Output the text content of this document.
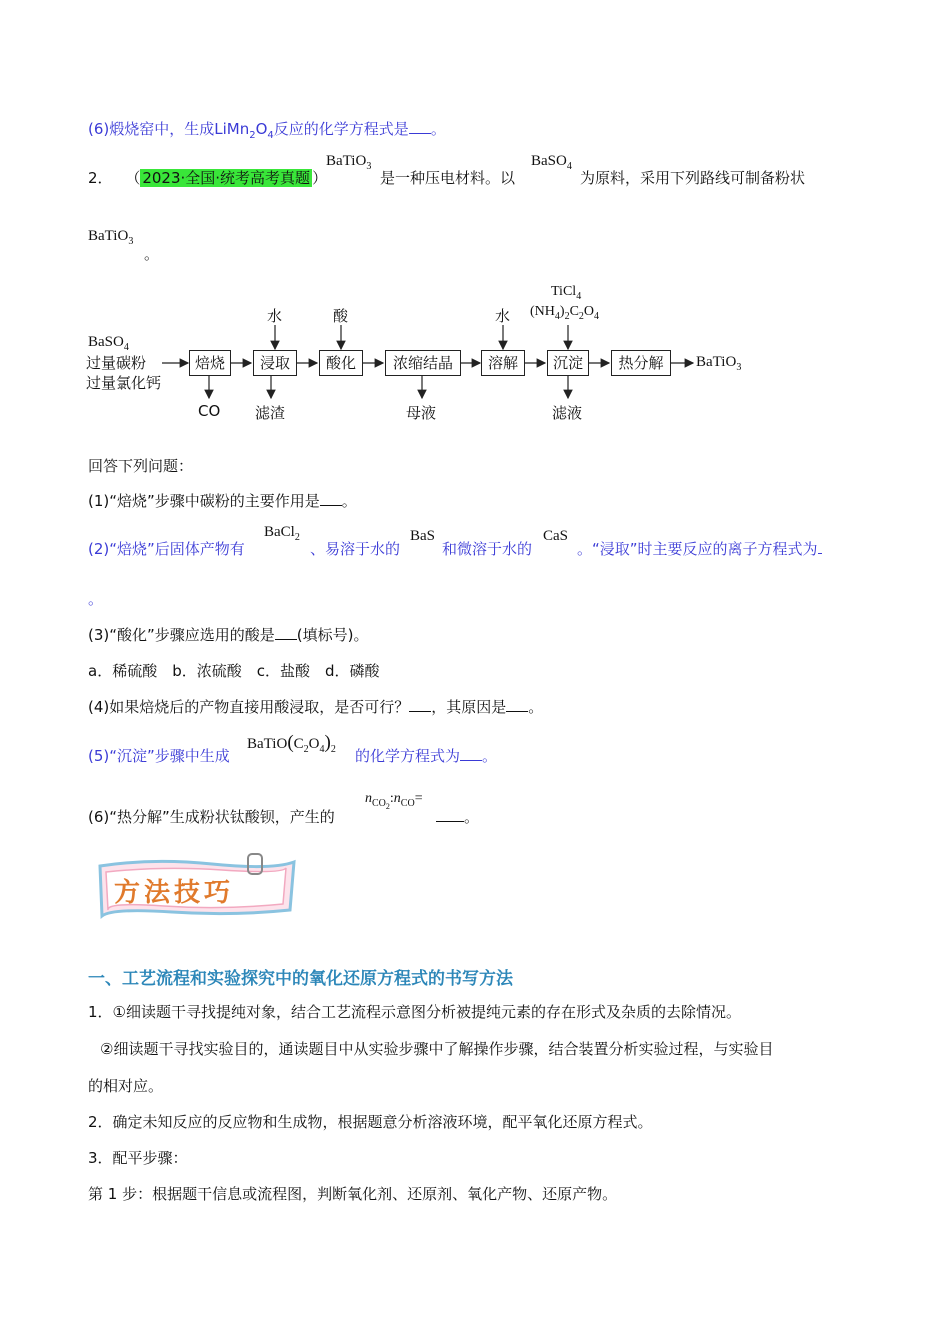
(6)煅烧窑中，生成$LiMn_2O_4$反应的化学方程式是 。
2． （ 2023·全国·统考高考真题 ）
BaTiO$_3$
是一种压电材料。以
BaSO$_4$
为原料，采用下列路线可制备粉状
BaTiO$_3$
。
BaSO$_4$
过量碳粉
过量氯化钙
焙烧	浸取	酸化	浓缩结晶	溶解	沉淀	热分解	BaTiO$_3$
水	酸	水
TiCl$_4$
$(NH_4)_2C_2O_4$
CO 滤渣	母液	滤液
回答下列问题：
(1)“焙烧”步骤中碳粉的主要作用是 。
(2)“焙烧”后固体产物有
BaCl$_2$
、易溶于水的
BaS
和微溶于水的
CaS
。“浸取”时主要反应的离子方程式为
。
(3)“酸化”步骤应选用的酸是 (填标号)。
a．稀硫酸　b．浓硫酸　c．盐酸　d．磷酸
(4)如果焙烧后的产物直接用酸浸取，是否可行？ ，其原因是 。
(5)“沉淀”步骤中生成
$BaTiO(C_2O_4)_2$ 的化学方程式为 。
(6)“热分解”生成粉状钛酸钡，产生的
$n_{CO_2}:n_{CO}=$
。
方法技巧
一、工艺流程和实验探究中的氧化还原方程式的书写方法
1．①细读题干寻找提纯对象，结合工艺流程示意图分析被提纯元素的存在形式及杂质的去除情况。
②细读题干寻找实验目的，通读题目中从实验步骤中了解操作步骤，结合装置分析实验过程，与实验目
的相对应。
2．确定未知反应的反应物和生成物，根据题意分析溶液环境，配平氧化还原方程式。
3．配平步骤：
第 1 步：根据题干信息或流程图，判断氧化剂、还原剂、氧化产物、还原产物。
